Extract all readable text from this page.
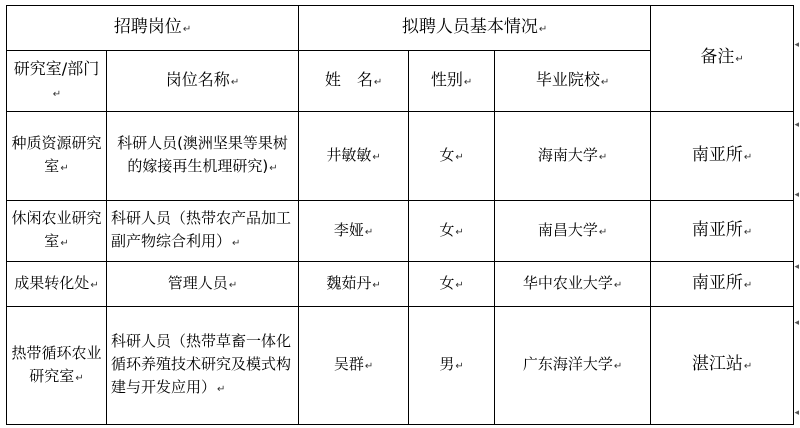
招聘岗位↵		拟聘人员基本情况↵			备注↵
研究室/部门↵	岗位名称↵	姓　名↵	性别↵	毕业院校↵	
种质资源研究室↵	科研人员(澳洲坚果等果树的嫁接再生机理研究)↵	井敏敏↵	女↵	海南大学↵	南亚所↵
休闲农业研究室↵	科研人员（热带农产品加工副产物综合利用）↵	李娅↵	女↵	南昌大学↵	南亚所↵
成果转化处↵	管理人员↵	魏茹丹↵	女↵	华中农业大学↵	南亚所↵
热带循环农业研究室↵	科研人员（热带草畜一体化循环养殖技术研究及模式构建与开发应用）↵	吴群↵	男↵	广东海洋大学↵	湛江站↵
◂
◂
◂
◂
◂
◂
